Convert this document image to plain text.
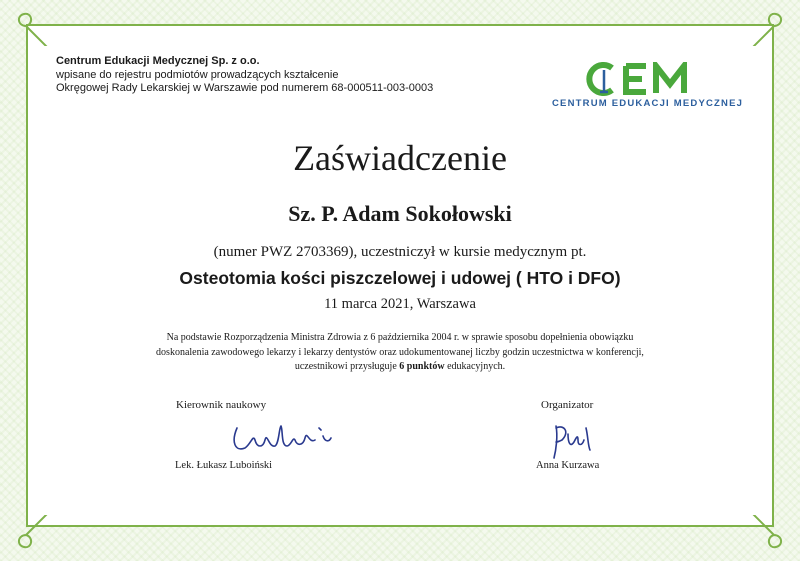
Centrum Edukacji Medycznej Sp. z o.o.
wpisane do rejestru podmiotów prowadzących kształcenie
Okręgowej Rady Lekarskiej w Warszawie pod numerem 68-000511-003-0003
CENTRUM EDUKACJI MEDYCZNEJ
Zaświadczenie
Sz. P. Adam Sokołowski
(numer PWZ 2703369), uczestniczył w kursie medycznym pt.
Osteotomia kości piszczelowej i udowej ( HTO i DFO)
11 marca 2021, Warszawa
Na podstawie Rozporządzenia Ministra Zdrowia z 6 października 2004 r. w sprawie sposobu dopełnienia obowiązku
doskonalenia zawodowego lekarzy i lekarzy dentystów oraz udokumentowanej liczby godzin uczestnictwa w konferencji,
uczestnikowi przysługuje 6 punktów edukacyjnych.
Kierownik naukowy	Organizator
Lek. Łukasz Luboiński	Anna Kurzawa
